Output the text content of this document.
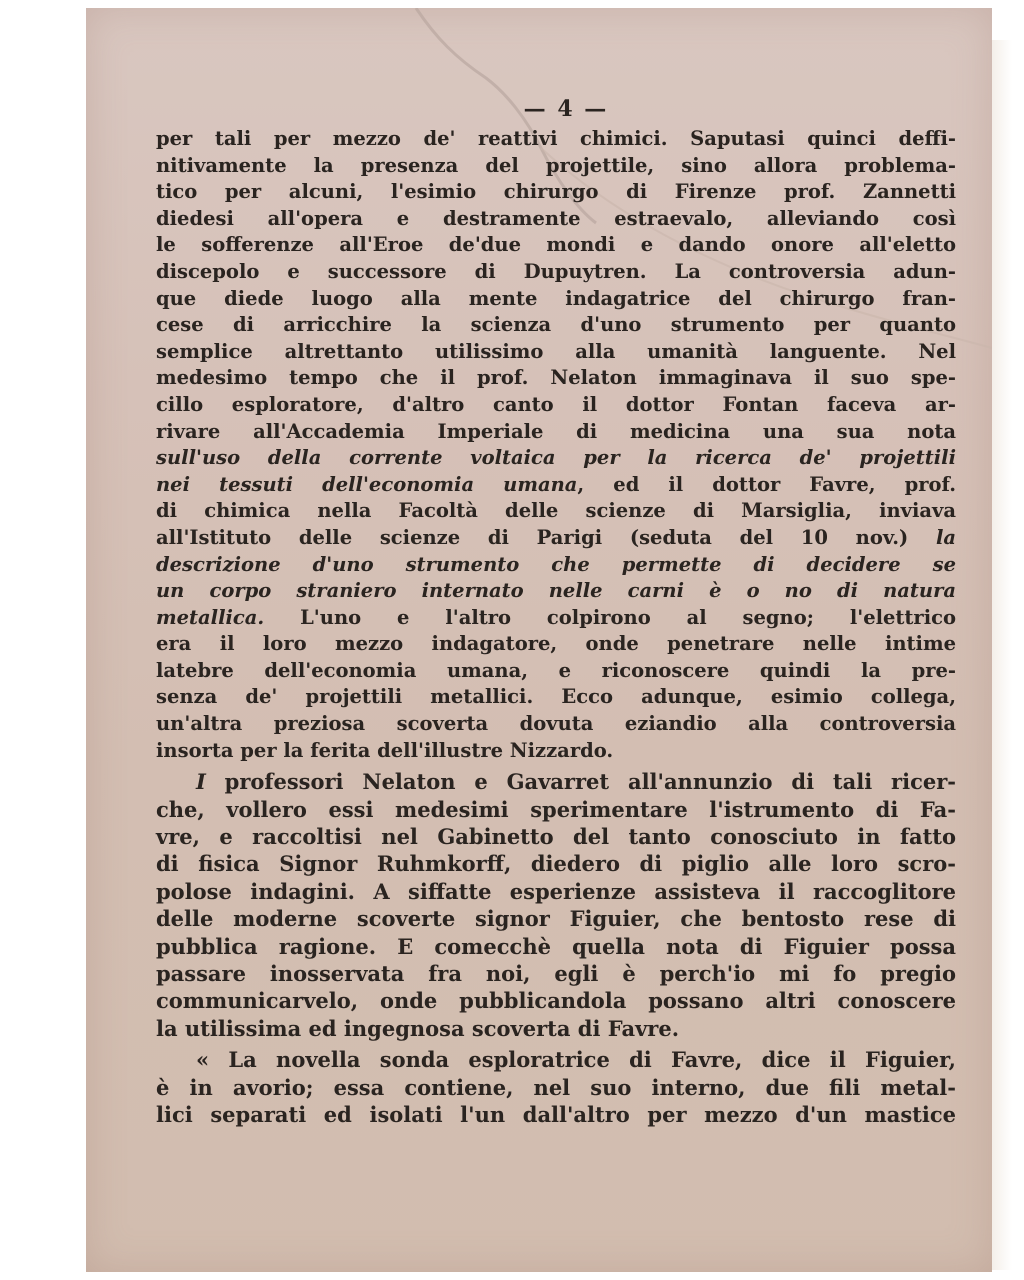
— 4 —
per tali per mezzo de' reattivi chimici. Saputasi quinci deffi-
nitivamente la presenza del projettile, sino allora problema-
tico per alcuni, l'esimio chirurgo di Firenze prof. Zannetti
diedesi all'opera e destramente estraevalo, alleviando così
le sofferenze all'Eroe de'due mondi e dando onore all'eletto
discepolo e successore di Dupuytren. La controversia adun-
que diede luogo alla mente indagatrice del chirurgo fran-
cese di arricchire la scienza d'uno strumento per quanto
semplice altrettanto utilissimo alla umanità languente. Nel
medesimo tempo che il prof. Nelaton immaginava il suo spe-
cillo esploratore, d'altro canto il dottor Fontan faceva ar-
rivare all'Accademia Imperiale di medicina una sua nota
sull'uso della corrente voltaica per la ricerca de' projettili
nei tessuti dell'economia umana, ed il dottor Favre, prof.
di chimica nella Facoltà delle scienze di Marsiglia, inviava
all'Istituto delle scienze di Parigi (seduta del 10 nov.) la
descrizione d'uno strumento che permette di decidere se
un corpo straniero internato nelle carni è o no di natura
metallica. L'uno e l'altro colpirono al segno; l'elettrico
era il loro mezzo indagatore, onde penetrare nelle intime
latebre dell'economia umana, e riconoscere quindi la pre-
senza de' projettili metallici. Ecco adunque, esimio collega,
un'altra preziosa scoverta dovuta eziandio alla controversia
insorta per la ferita dell'illustre Nizzardo.
I professori Nelaton e Gavarret all'annunzio di tali ricer-
che, vollero essi medesimi sperimentare l'istrumento di Fa-
vre, e raccoltisi nel Gabinetto del tanto conosciuto in fatto
di fisica Signor Ruhmkorff, diedero di piglio alle loro scro-
polose indagini. A siffatte esperienze assisteva il raccoglitore
delle moderne scoverte signor Figuier, che bentosto rese di
pubblica ragione. E comecchè quella nota di Figuier possa
passare inosservata fra noi, egli è perch'io mi fo pregio
communicarvelo, onde pubblicandola possano altri conoscere
la utilissima ed ingegnosa scoverta di Favre.
« La novella sonda esploratrice di Favre, dice il Figuier,
è in avorio; essa contiene, nel suo interno, due fili metal-
lici separati ed isolati l'un dall'altro per mezzo d'un mastice
